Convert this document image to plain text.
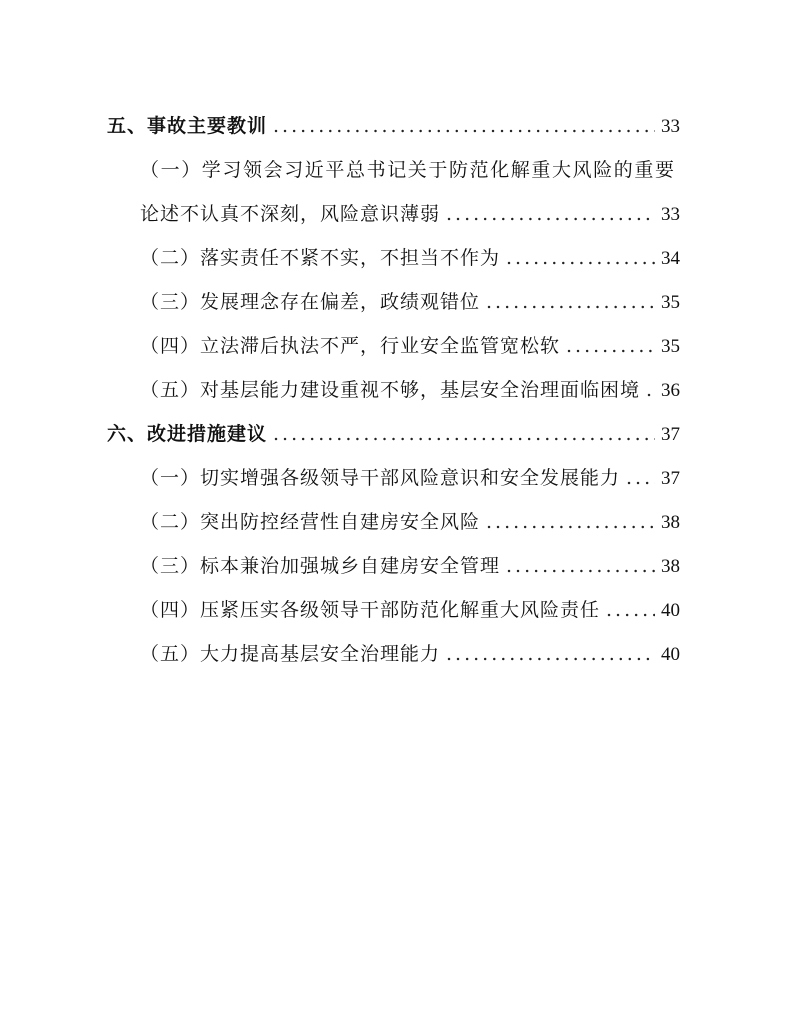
五、事故主要教训 .....	33
（一）学习领会习近平总书记关于防范化解重大风险的重要
论述不认真不深刻，风险意识薄弱 .....	33
（二）落实责任不紧不实，不担当不作为 .....	34
（三）发展理念存在偏差，政绩观错位 .....	35
（四）立法滞后执法不严，行业安全监管宽松软 .....	35
（五）对基层能力建设重视不够，基层安全治理面临困境 ..... 36
六、改进措施建议 .....	37
（一）切实增强各级领导干部风险意识和安全发展能力 ..... 37
（二）突出防控经营性自建房安全风险 .....	38
（三）标本兼治加强城乡自建房安全管理 .....	38
（四）压紧压实各级领导干部防范化解重大风险责任 .....	40
（五）大力提高基层安全治理能力 .....	40
